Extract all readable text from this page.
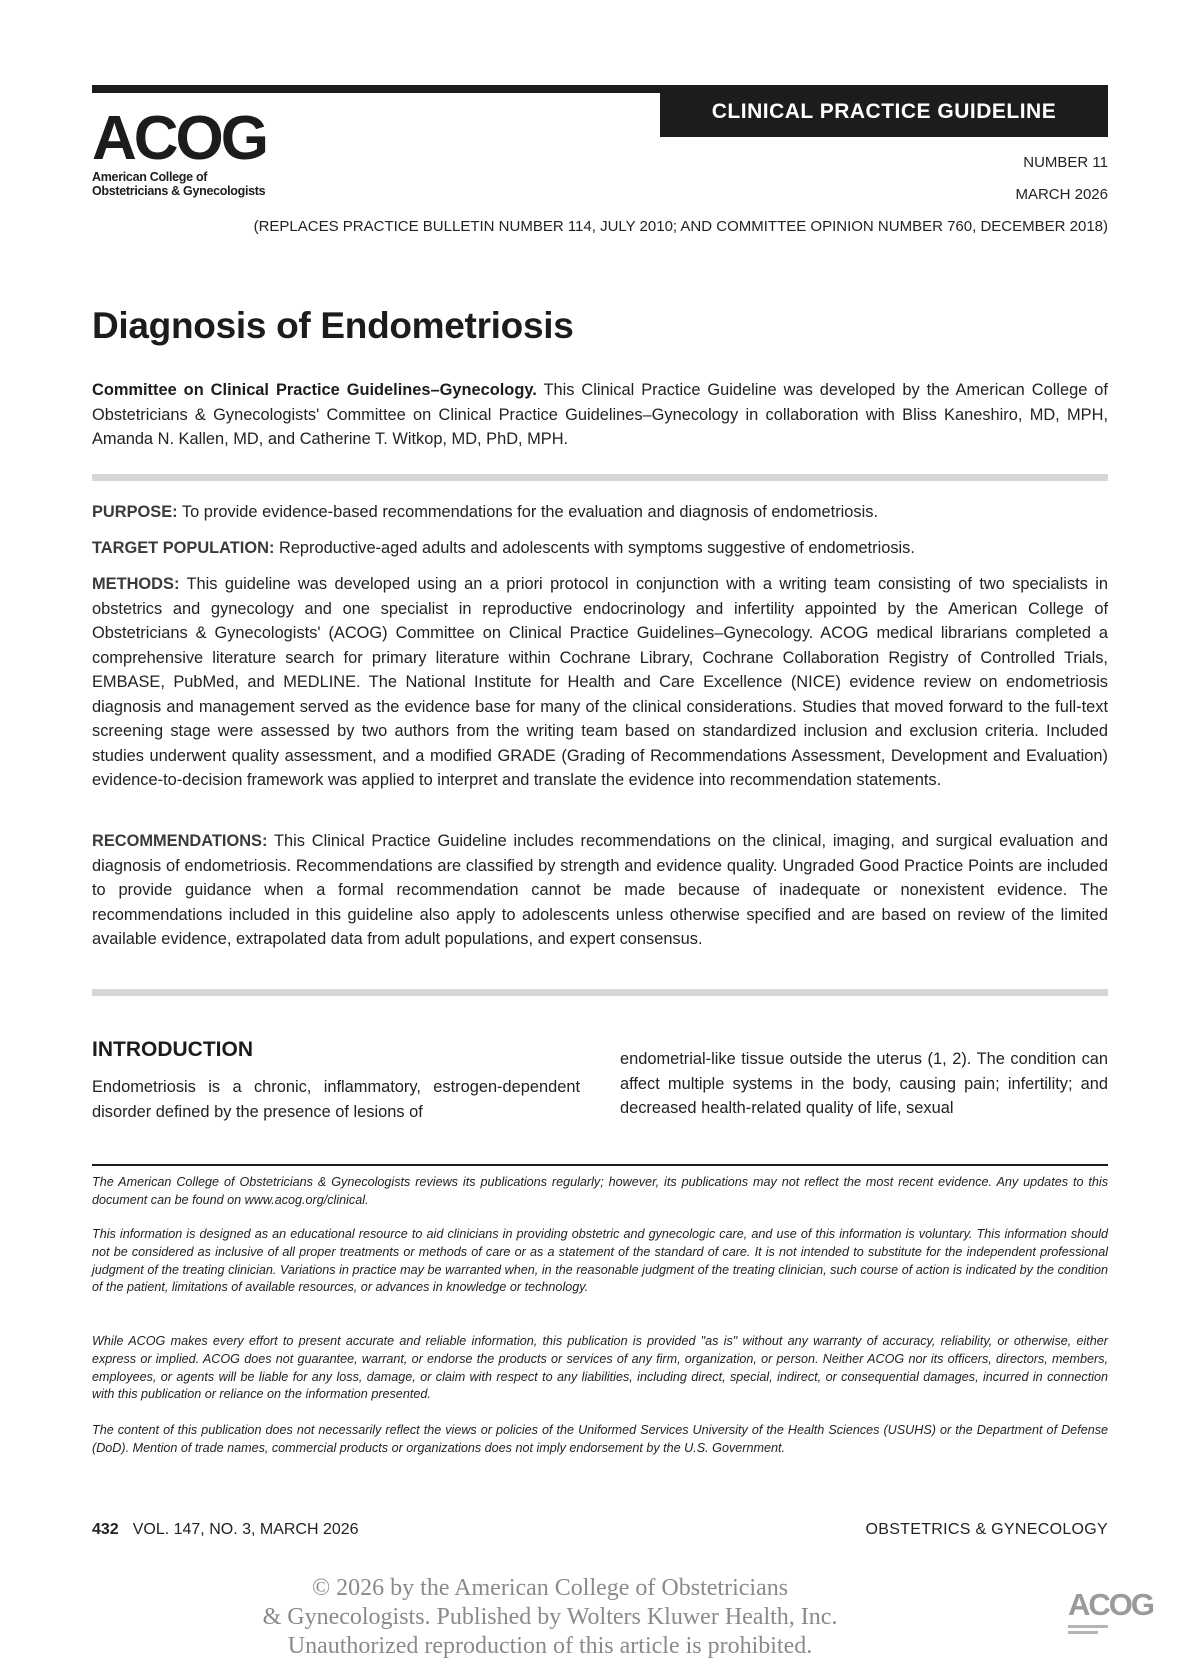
CLINICAL PRACTICE GUIDELINE
ACOG
American College of
Obstetricians & Gynecologists
NUMBER 11
MARCH 2026
(REPLACES PRACTICE BULLETIN NUMBER 114, JULY 2010; AND COMMITTEE OPINION NUMBER 760, DECEMBER 2018)
Diagnosis of Endometriosis

Committee on Clinical Practice Guidelines–Gynecology. This Clinical Practice Guideline was developed by the American College of Obstetricians & Gynecologists' Committee on Clinical Practice Guidelines–Gynecology in collaboration with Bliss Kaneshiro, MD, MPH, Amanda N. Kallen, MD, and Catherine T. Witkop, MD, PhD, MPH.

PURPOSE: To provide evidence-based recommendations for the evaluation and diagnosis of endometriosis.

TARGET POPULATION: Reproductive-aged adults and adolescents with symptoms suggestive of endometriosis.

METHODS: This guideline was developed using an a priori protocol in conjunction with a writing team consisting of two specialists in obstetrics and gynecology and one specialist in reproductive endocrinology and infertility appointed by the American College of Obstetricians & Gynecologists' (ACOG) Committee on Clinical Practice Guidelines–Gynecology. ACOG medical librarians completed a comprehensive literature search for primary literature within Cochrane Library, Cochrane Collaboration Registry of Controlled Trials, EMBASE, PubMed, and MEDLINE. The National Institute for Health and Care Excellence (NICE) evidence review on endometriosis diagnosis and management served as the evidence base for many of the clinical considerations. Studies that moved forward to the full-text screening stage were assessed by two authors from the writing team based on standardized inclusion and exclusion criteria. Included studies underwent quality assessment, and a modified GRADE (Grading of Recommendations Assessment, Development and Evaluation) evidence-to-decision framework was applied to interpret and translate the evidence into recommendation statements.

RECOMMENDATIONS: This Clinical Practice Guideline includes recommendations on the clinical, imaging, and surgical evaluation and diagnosis of endometriosis. Recommendations are classified by strength and evidence quality. Ungraded Good Practice Points are included to provide guidance when a formal recommendation cannot be made because of inadequate or nonexistent evidence. The recommendations included in this guideline also apply to adolescents unless otherwise specified and are based on review of the limited available evidence, extrapolated data from adult populations, and expert consensus.

INTRODUCTION

Endometriosis is a chronic, inflammatory, estrogen-dependent disorder defined by the presence of lesions of

endometrial-like tissue outside the uterus (1, 2). The condition can affect multiple systems in the body, causing pain; infertility; and decreased health-related quality of life, sexual

The American College of Obstetricians & Gynecologists reviews its publications regularly; however, its publications may not reflect the most recent evidence. Any updates to this document can be found on www.acog.org/clinical.

This information is designed as an educational resource to aid clinicians in providing obstetric and gynecologic care, and use of this information is voluntary. This information should not be considered as inclusive of all proper treatments or methods of care or as a statement of the standard of care. It is not intended to substitute for the independent professional judgment of the treating clinician. Variations in practice may be warranted when, in the reasonable judgment of the treating clinician, such course of action is indicated by the condition of the patient, limitations of available resources, or advances in knowledge or technology.

While ACOG makes every effort to present accurate and reliable information, this publication is provided "as is" without any warranty of accuracy, reliability, or otherwise, either express or implied. ACOG does not guarantee, warrant, or endorse the products or services of any firm, organization, or person. Neither ACOG nor its officers, directors, members, employees, or agents will be liable for any loss, damage, or claim with respect to any liabilities, including direct, special, indirect, or consequential damages, incurred in connection with this publication or reliance on the information presented.

The content of this publication does not necessarily reflect the views or policies of the Uniformed Services University of the Health Sciences (USUHS) or the Department of Defense (DoD). Mention of trade names, commercial products or organizations does not imply endorsement by the U.S. Government.

432 VOL. 147, NO. 3, MARCH 2026	OBSTETRICS & GYNECOLOGY
© 2026 by the American College of Obstetricians
& Gynecologists. Published by Wolters Kluwer Health, Inc.
Unauthorized reproduction of this article is prohibited.
ACOG
